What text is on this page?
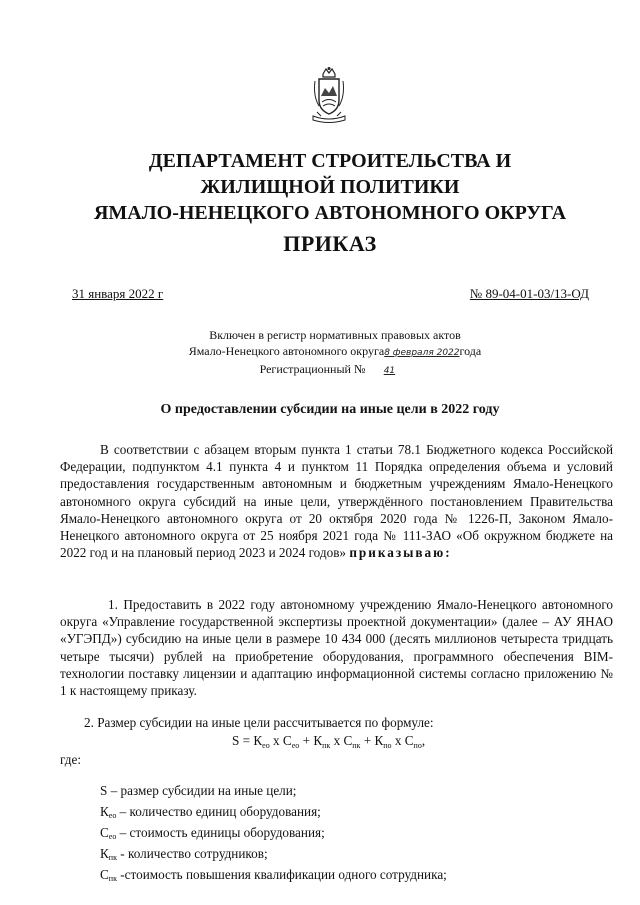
ДЕПАРТАМЕНТ СТРОИТЕЛЬСТВА И
ЖИЛИЩНОЙ ПОЛИТИКИ
ЯМАЛО-НЕНЕЦКОГО АВТОНОМНОГО ОКРУГА
ПРИКАЗ
31 января 2022 г	№ 89-04-01-03/13-ОД
Включен в регистр нормативных правовых актов
Ямало-Ненецкого автономного округа8 февраля 2022года
Регистрационный № 41
О предоставлении субсидии на иные цели в 2022 году

В соответствии с абзацем вторым пункта 1 статьи 78.1 Бюджетного кодекса Российской Федерации, подпунктом 4.1 пункта 4 и пунктом 11 Порядка определения объема и условий предоставления государственным автономным и бюджетным учреждениям Ямало-Ненецкого автономного округа субсидий на иные цели, утверждённого постановлением Правительства Ямало-Ненецкого автономного округа от 20 октября 2020 года № 1226-П, Законом Ямало-Ненецкого автономного округа от 25 ноября 2021 года № 111-ЗАО «Об окружном бюджете на 2022 год и на плановый период 2023 и 2024 годов» приказываю:

1. Предоставить в 2022 году автономному учреждению Ямало-Ненецкого автономного округа «Управление государственной экспертизы проектной документации» (далее – АУ ЯНАО «УГЭПД») субсидию на иные цели в размере 10 434 000 (десять миллионов четыреста тридцать четыре тысячи) рублей на приобретение оборудования, программного обеспечения BIM-технологии поставку лицензии и адаптацию информационной системы согласно приложению № 1 к настоящему приказу.

2. Размер субсидии на иные цели рассчитывается по формуле:

$S = К_{ео}$ х $С_{ео} + К_{пк}$ х $С_{пк} + К_{по}$ х $С_{по}$,
где:
S – размер субсидии на иные цели;
$К_{ео}$ – количество единиц оборудования;
$С_{ео}$ – стоимость единицы оборудования;
$К_{пк}$ - количество сотрудников;
$С_{пк}$ -стоимость повышения квалификации одного сотрудника;
